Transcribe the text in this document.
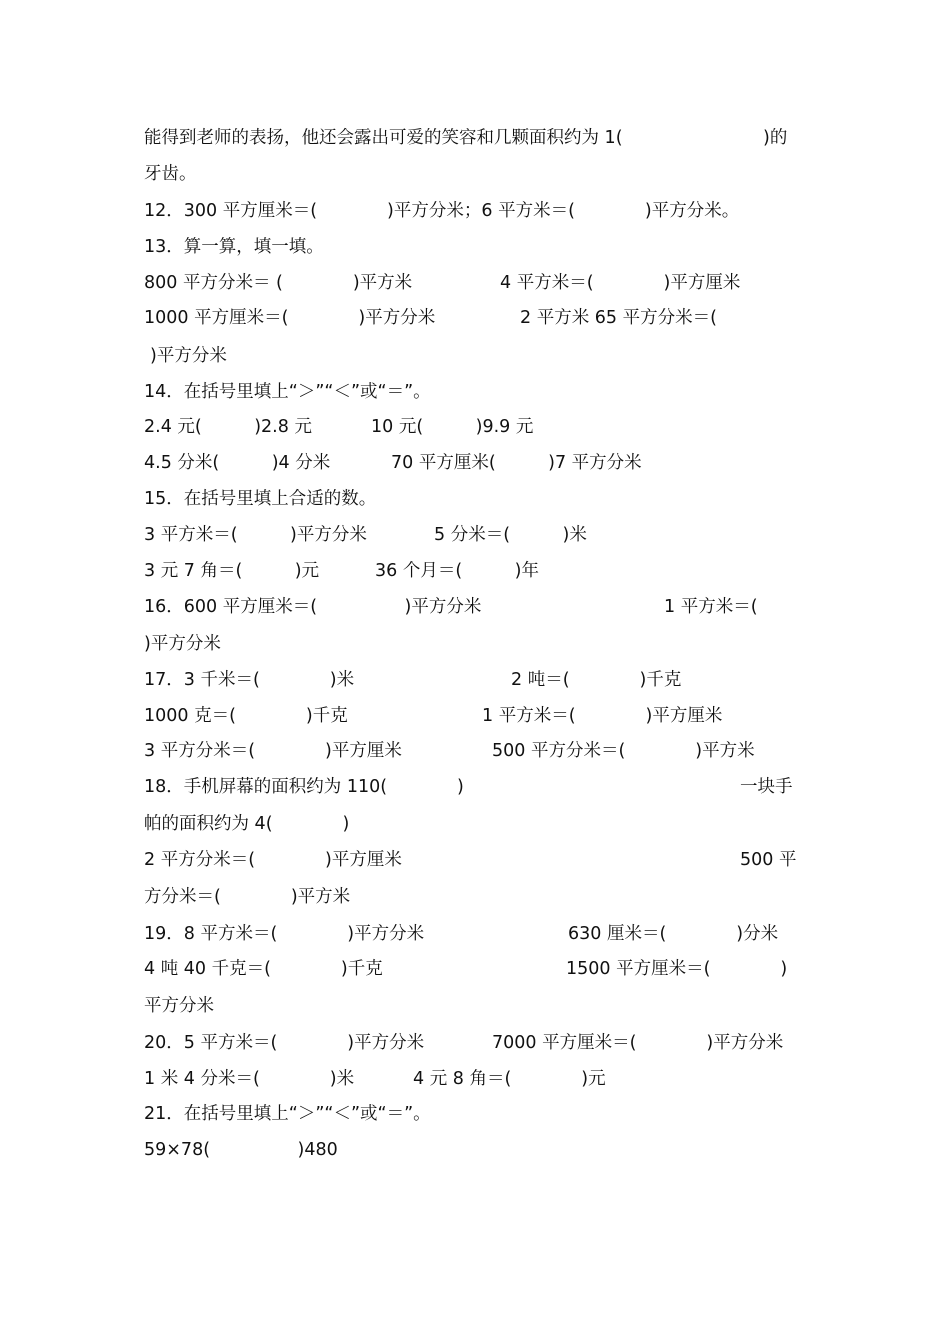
能得到老师的表扬，他还会露出可爱的笑容和几颗面积约为 1(	)的
牙齿。
12．300 平方厘米＝(　　　　)平方分米；6 平方米＝(　　　　)平方分米。
13．算一算，填一填。
800 平方分米＝ (　　　　)平方米	4 平方米＝(　　　　)平方厘米
1000 平方厘米＝(　　　　)平方分米	2 平方米 65 平方分米＝(
)平方分米
14．在括号里填上“＞”“＜”或“＝”。
2.4 元(　　　)2.8 元	10 元(　　　)9.9 元
4.5 分米(　　　)4 分米	70 平方厘米(　　　)7 平方分米
15．在括号里填上合适的数。
3 平方米＝(　　　)平方分米	5 分米＝(　　　)米
3 元 7 角＝(　　　)元	36 个月＝(　　　)年
16．600 平方厘米＝(　　　　　)平方分米	1 平方米＝(
)平方分米
17．3 千米＝(　　　　)米	2 吨＝(　　　　)千克
1000 克＝(　　　　)千克	1 平方米＝(　　　　)平方厘米
3 平方分米＝(　　　　)平方厘米	500 平方分米＝(　　　　)平方米
18．手机屏幕的面积约为 110(　　　　)	一块手
帕的面积约为 4(　　　　)
2 平方分米＝(　　　　)平方厘米	500 平
方分米＝(　　　　)平方米
19．8 平方米＝(　　　　)平方分米	630 厘米＝(　　　　)分米
4 吨 40 千克＝(　　　　)千克	1500 平方厘米＝(　　　　)
平方分米
20．5 平方米＝(　　　　)平方分米	7000 平方厘米＝(　　　　)平方分米
1 米 4 分米＝(　　　　)米	4 元 8 角＝(　　　　)元
21．在括号里填上“＞”“＜”或“＝”。
59×78(　　　　　)480
